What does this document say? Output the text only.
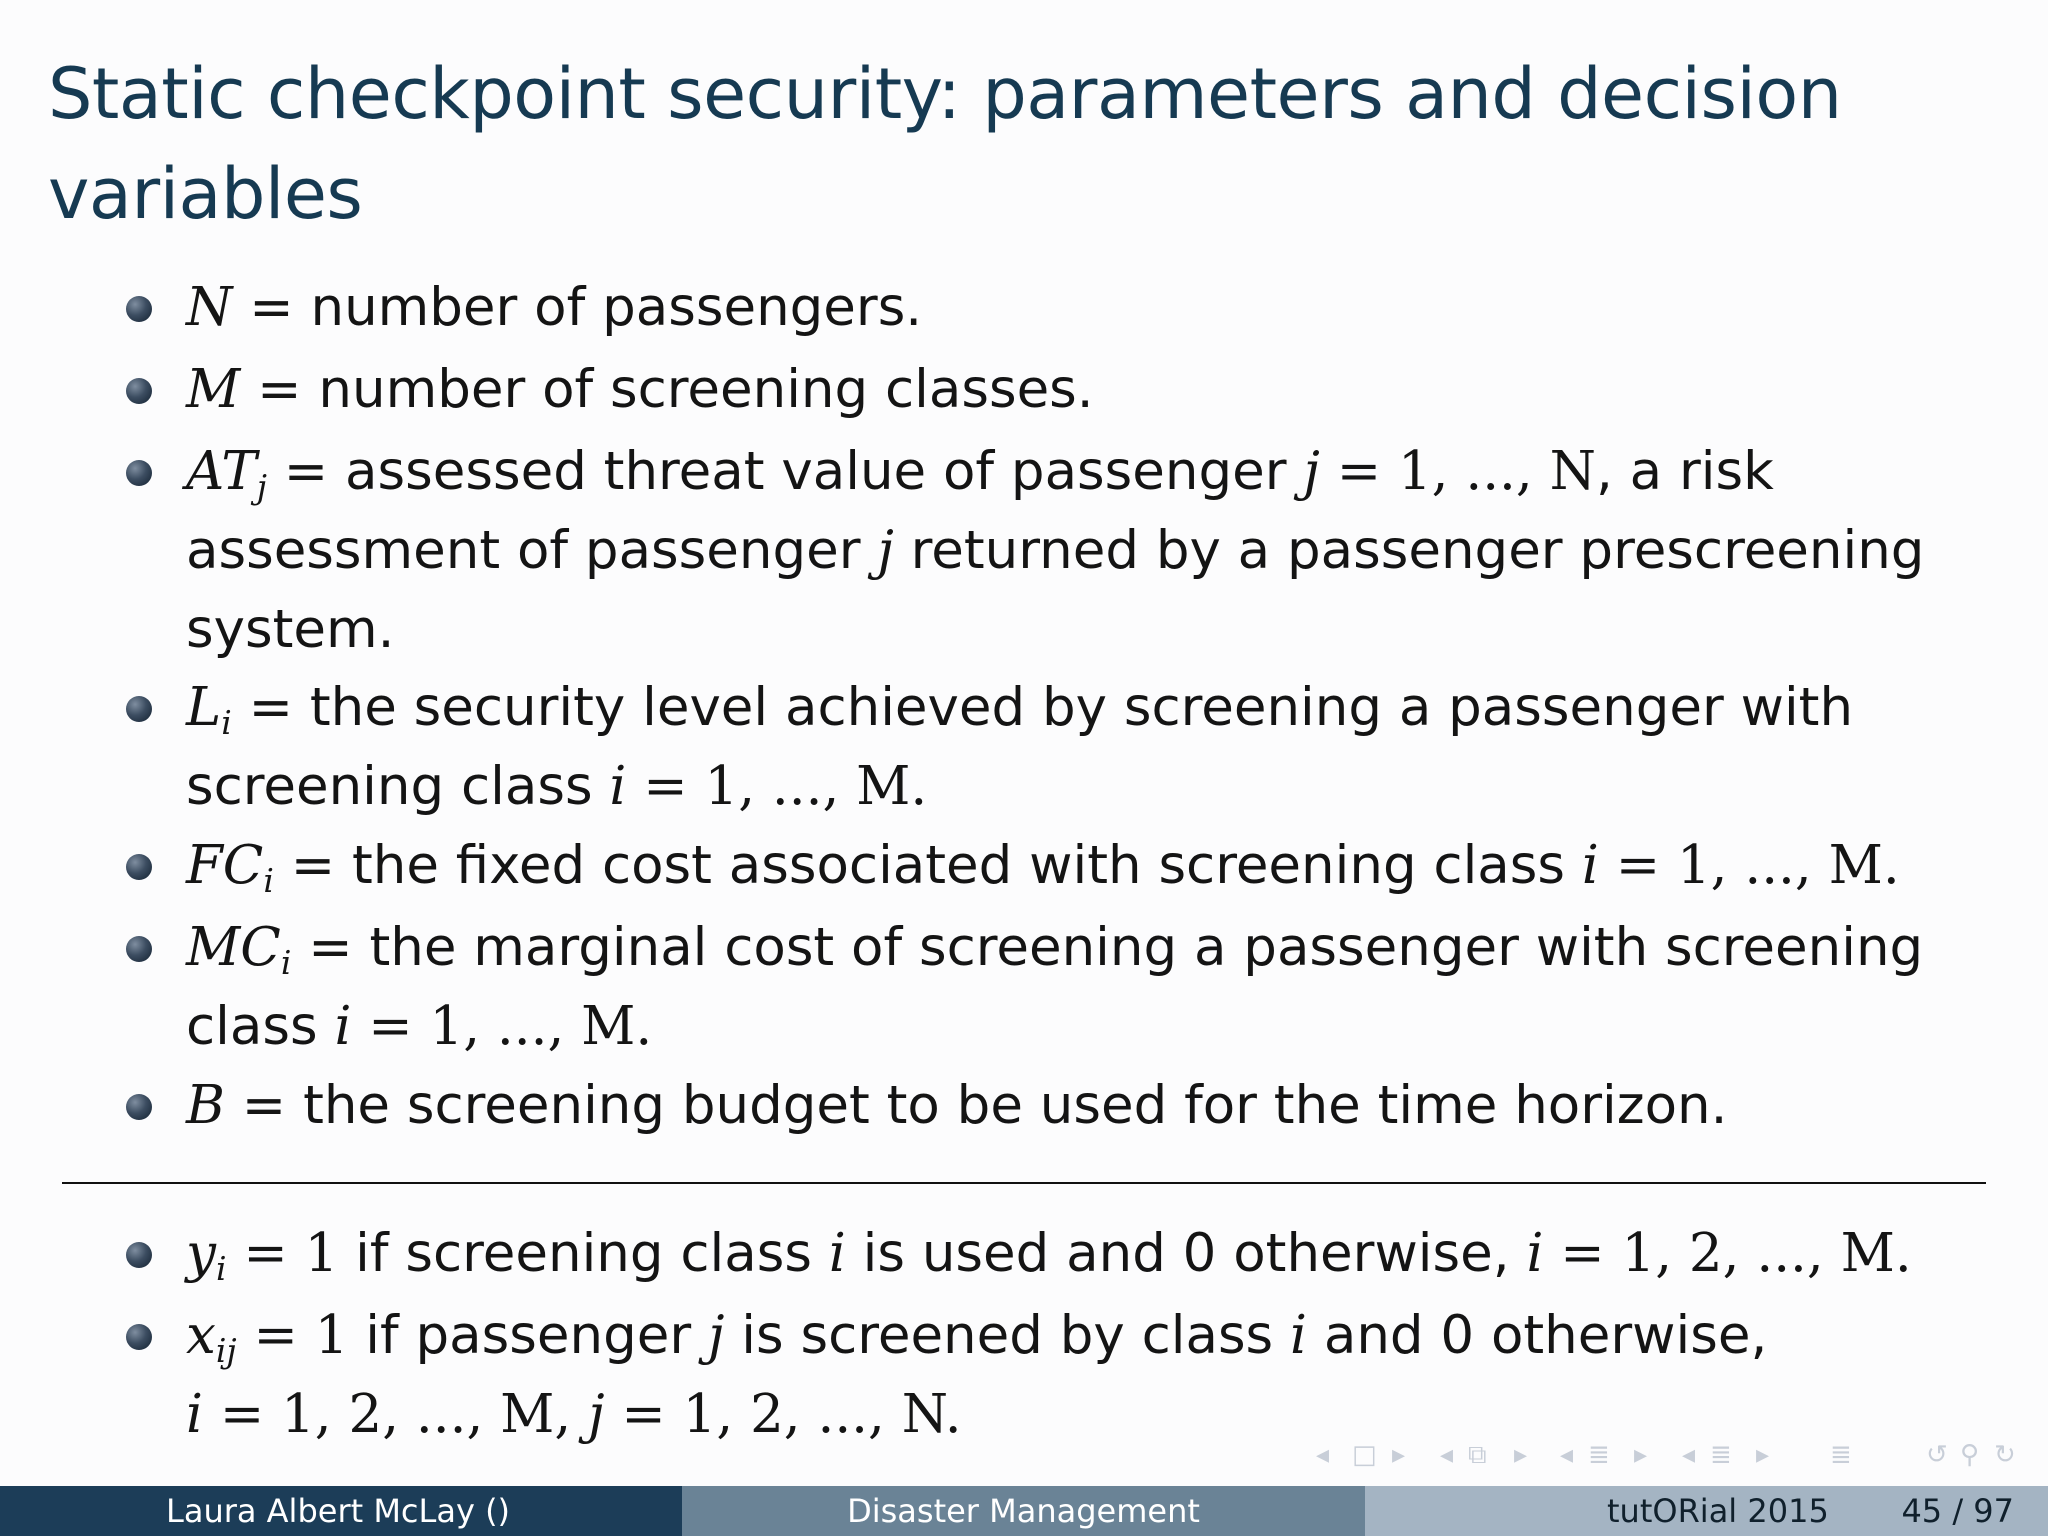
Static checkpoint security: parameters and decision
variables
N = number of passengers.
M = number of screening classes.
$AT_j$ = assessed threat value of passenger j = 1, ..., N, a risk
assessment of passenger j returned by a passenger prescreening
system.
$L_i$ = the security level achieved by screening a passenger with
screening class i = 1, ..., M.
$FC_i$ = the fixed cost associated with screening class i = 1, ..., M.
$MC_i$ = the marginal cost of screening a passenger with screening
class i = 1, ..., M.
B = the screening budget to be used for the time horizon.
$y_i = 1$ if screening class i is used and 0 otherwise, i = 1, 2, ..., M.
$x_{ij} = 1$ if passenger j is screened by class i and 0 otherwise,
i = 1, 2, ..., M, j = 1, 2, ..., N.
◂ □ ▸ ◂ ⧉ ▸ ◂ ≣ ▸ ◂ ≣ ▸ ≣	↺ ⚲ ↻
Laura Albert McLay ()	Disaster Management	tutORial 2015 45 / 97
